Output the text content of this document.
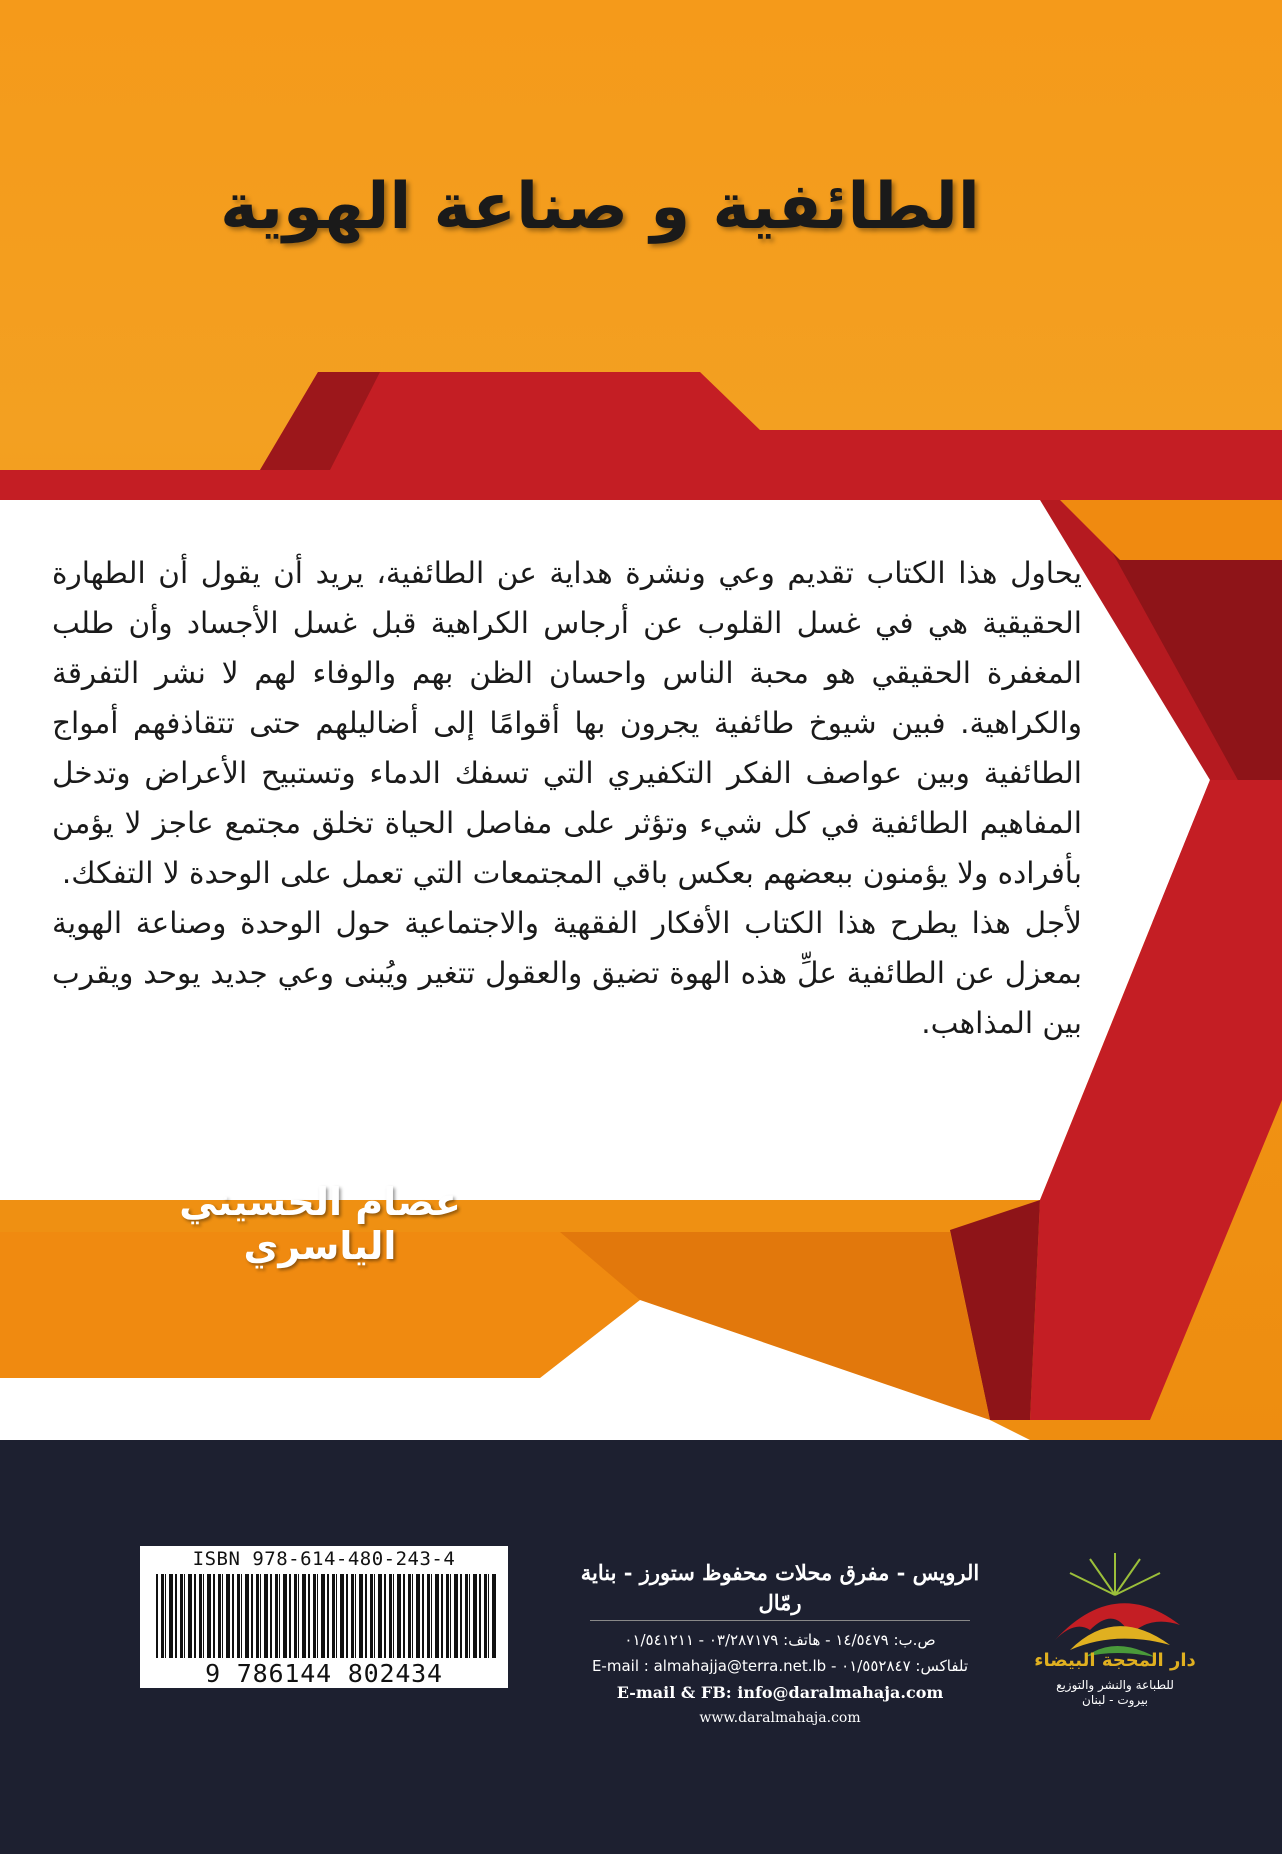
الطائفية و صناعة الهوية

يحاول هذا الكتاب تقديم وعي ونشرة هداية عن الطائفية، يريد أن يقول أن الطهارة الحقيقية هي في غسل القلوب عن أرجاس الكراهية قبل غسل الأجساد وأن طلب المغفرة الحقيقي هو محبة الناس واحسان الظن بهم والوفاء لهم لا نشر التفرقة والكراهية. فبين شيوخ طائفية يجرون بها أقوامًا إلى أضاليلهم حتى تتقاذفهم أمواج الطائفية وبين عواصف الفكر التكفيري التي تسفك الدماء وتستبيح الأعراض وتدخل المفاهيم الطائفية في كل شيء وتؤثر على مفاصل الحياة تخلق مجتمع عاجز لا يؤمن بأفراده ولا يؤمنون ببعضهم بعكس باقي المجتمعات التي تعمل على الوحدة لا التفكك.

لأجل هذا يطرح هذا الكتاب الأفكار الفقهية والاجتماعية حول الوحدة وصناعة الهوية بمعزل عن الطائفية علِّ هذه الهوة تضيق والعقول تتغير ويُبنى وعي جديد يوحد ويقرب بين المذاهب.

عصام الحسيني الياسري
ISBN 978-614-480-243-4
9 786144 802434
الرويس - مفرق محلات محفوظ ستورز - بناية رمّال
ص.ب: ١٤/٥٤٧٩ - هاتف: ٠٣/٢٨٧١٧٩ - ٠١/٥٤١٢١١
تلفاكس: ٠١/٥٥٢٨٤٧ - E-mail : almahajja@terra.net.lb
E-mail & FB: info@daralmahaja.com
www.daralmahaja.com
دار المحجة البيضاء
للطباعة والنشر والتوزيع
بيروت - لبنان
